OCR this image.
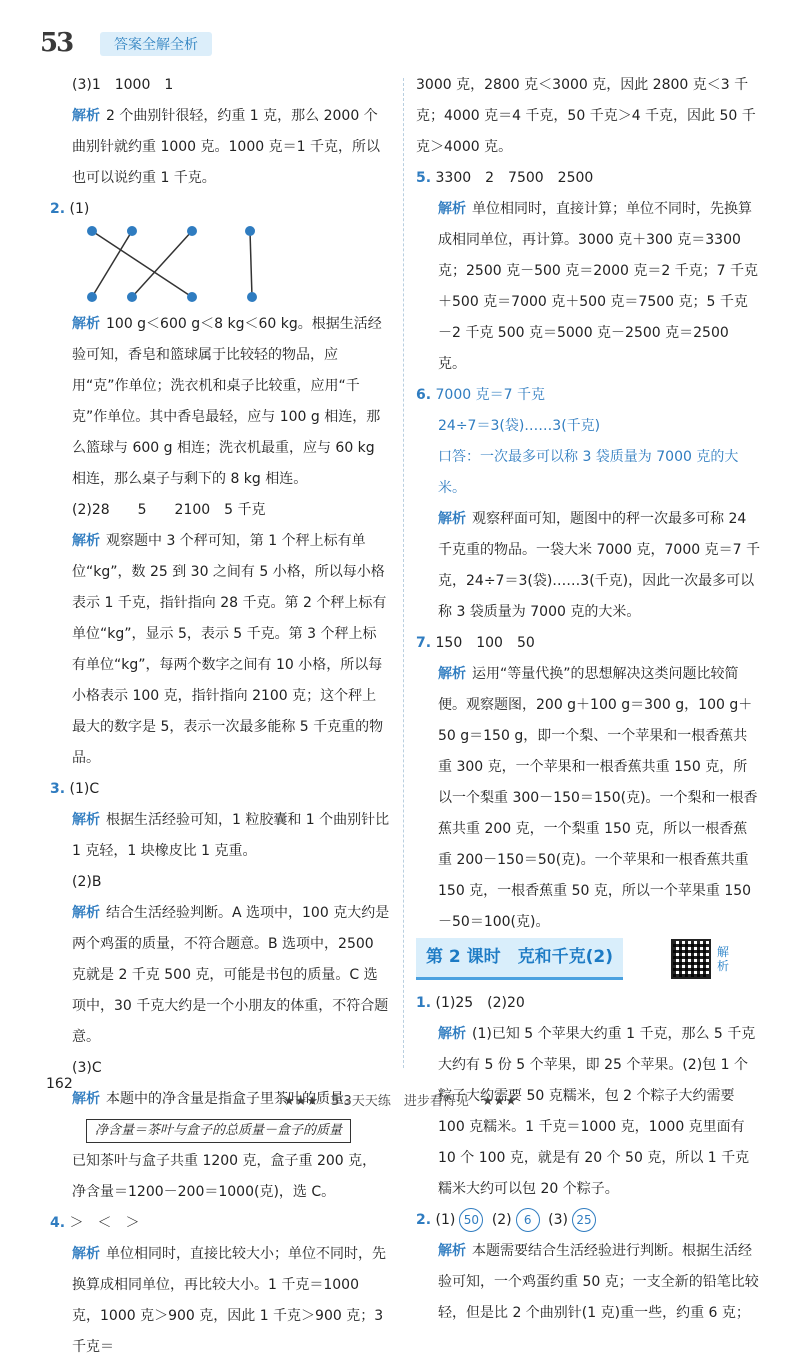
53	答案全解全析

(3)1　1000　1

解析 2 个曲别针很轻，约重 1 克，那么 2000 个曲别针就约重 1000 克。1000 克＝1 千克，所以也可以说约重 1 千克。

2. (1)

解析 100 g＜600 g＜8 kg＜60 kg。根据生活经验可知，香皂和篮球属于比较轻的物品，应用“克”作单位；洗衣机和桌子比较重，应用“千克”作单位。其中香皂最轻，应与 100 g 相连，那么篮球与 600 g 相连；洗衣机最重，应与 60 kg 相连，那么桌子与剩下的 8 kg 相连。

(2)28　　5　　2100　5 千克

解析 观察题中 3 个秤可知，第 1 个秤上标有单位“kg”，数 25 到 30 之间有 5 小格，所以每小格表示 1 千克，指针指向 28 千克。第 2 个秤上标有单位“kg”，显示 5，表示 5 千克。第 3 个秤上标有单位“kg”，每两个数字之间有 10 小格，所以每小格表示 100 克，指针指向 2100 克；这个秤上最大的数字是 5，表示一次最多能称 5 千克重的物品。

3. (1)C

解析 根据生活经验可知，1 粒胶囊和 1 个曲别针比 1 克轻，1 块橡皮比 1 克重。

(2)B

解析 结合生活经验判断。A 选项中，100 克大约是两个鸡蛋的质量，不符合题意。B 选项中，2500 克就是 2 千克 500 克，可能是书包的质量。C 选项中，30 千克大约是一个小朋友的体重，不符合题意。

(3)C

解析 本题中的净含量是指盒子里茶叶的质量。

净含量＝茶叶与盒子的总质量－盒子的质量

已知茶叶与盒子共重 1200 克，盒子重 200 克，净含量＝1200－200＝1000(克)，选 C。

4. ＞　＜　＞

解析 单位相同时，直接比较大小；单位不同时，先换算成相同单位，再比较大小。1 千克＝1000 克，1000 克＞900 克，因此 1 千克＞900 克；3 千克＝

3000 克，2800 克＜3000 克，因此 2800 克＜3 千克；4000 克＝4 千克，50 千克＞4 千克，因此 50 千克＞4000 克。

5. 3300　2　7500　2500

解析 单位相同时，直接计算；单位不同时，先换算成相同单位，再计算。3000 克＋300 克＝3300 克；2500 克－500 克＝2000 克＝2 千克；7 千克＋500 克＝7000 克＋500 克＝7500 克；5 千克－2 千克 500 克＝5000 克－2500 克＝2500 克。

6. 7000 克＝7 千克

24÷7＝3(袋)……3(千克)

口答：一次最多可以称 3 袋质量为 7000 克的大米。

解析 观察秤面可知，题图中的秤一次最多可称 24 千克重的物品。一袋大米 7000 克，7000 克＝7 千克，24÷7＝3(袋)……3(千克)，因此一次最多可以称 3 袋质量为 7000 克的大米。

7. 150　100　50

解析 运用“等量代换”的思想解决这类问题比较简便。观察题图，200 g＋100 g＝300 g，100 g＋50 g＝150 g，即一个梨、一个苹果和一根香蕉共重 300 克，一个苹果和一根香蕉共重 150 克，所以一个梨重 300－150＝150(克)。一个梨和一根香蕉共重 200 克，一个梨重 150 克，所以一根香蕉重 200－150＝50(克)。一个苹果和一根香蕉共重 150 克，一根香蕉重 50 克，所以一个苹果重 150－50＝100(克)。

第 2 课时　克和千克(2)	解析

1. (1)25　(2)20

解析 (1)已知 5 个苹果大约重 1 千克，那么 5 千克大约有 5 份 5 个苹果，即 25 个苹果。(2)包 1 个粽子大约需要 50 克糯米，包 2 个粽子大约需要 100 克糯米。1 千克＝1000 克，1000 克里面有 10 个 100 克，就是有 20 个 50 克，所以 1 千克糯米大约可以包 20 个粽子。

2. (1) 50 (2) 6 (3) 25

解析 本题需要结合生活经验进行判断。根据生活经验可知，一个鸡蛋约重 50 克；一支全新的铅笔比较轻，但是比 2 个曲别针(1 克)重一些，约重 6 克；

162
★★★　5·3天天练　进步看得见　★★★
